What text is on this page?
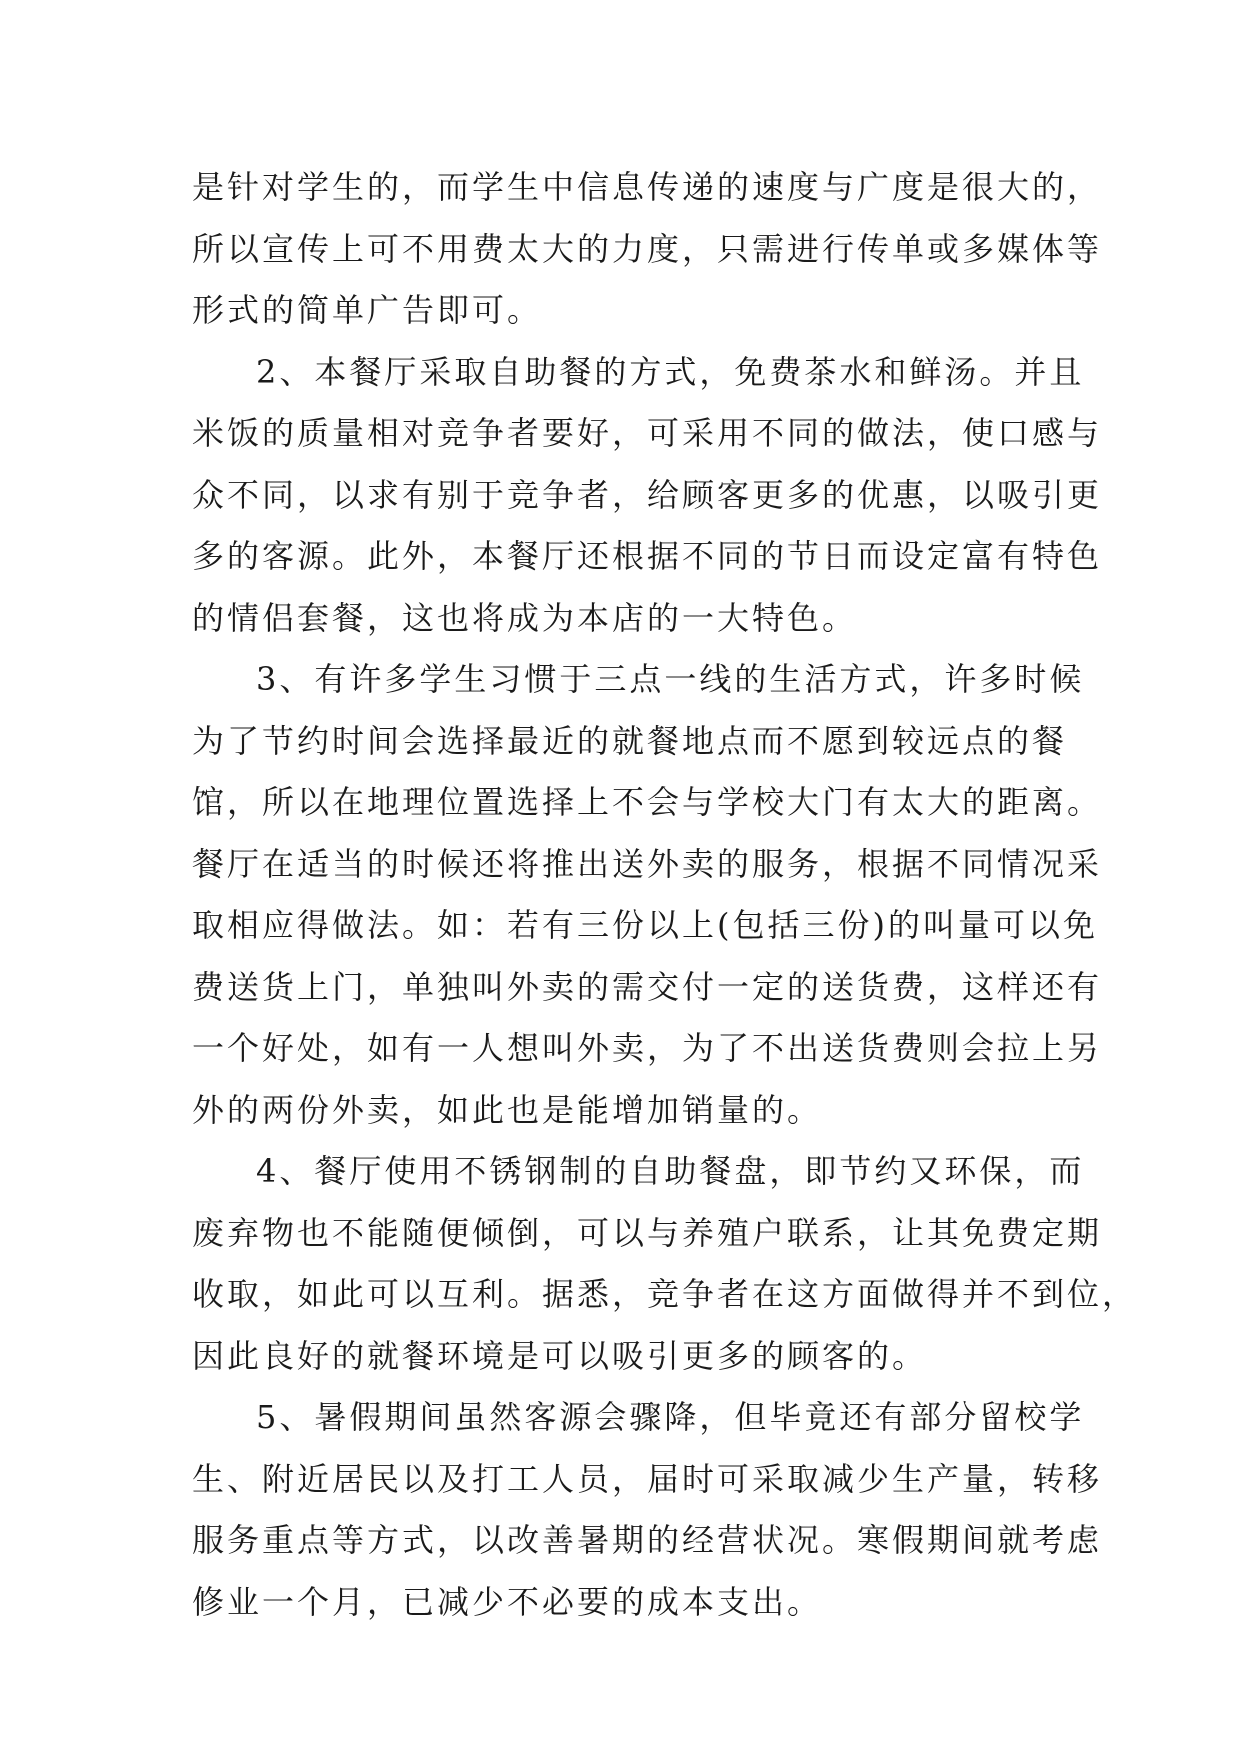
是针对学生的，而学生中信息传递的速度与广度是很大的，
所以宣传上可不用费太大的力度，只需进行传单或多媒体等
形式的简单广告即可。
2、本餐厅采取自助餐的方式，免费茶水和鲜汤。并且
米饭的质量相对竞争者要好，可采用不同的做法，使口感与
众不同，以求有别于竞争者，给顾客更多的优惠，以吸引更
多的客源。此外，本餐厅还根据不同的节日而设定富有特色
的情侣套餐，这也将成为本店的一大特色。
3、有许多学生习惯于三点一线的生活方式，许多时候
为了节约时间会选择最近的就餐地点而不愿到较远点的餐
馆，所以在地理位置选择上不会与学校大门有太大的距离。
餐厅在适当的时候还将推出送外卖的服务，根据不同情况采
取相应得做法。如：若有三份以上(包括三份)的叫量可以免
费送货上门，单独叫外卖的需交付一定的送货费，这样还有
一个好处，如有一人想叫外卖，为了不出送货费则会拉上另
外的两份外卖，如此也是能增加销量的。
4、餐厅使用不锈钢制的自助餐盘，即节约又环保，而
废弃物也不能随便倾倒，可以与养殖户联系，让其免费定期
收取，如此可以互利。据悉，竞争者在这方面做得并不到位，
因此良好的就餐环境是可以吸引更多的顾客的。
5、暑假期间虽然客源会骤降，但毕竟还有部分留校学
生、附近居民以及打工人员，届时可采取减少生产量，转移
服务重点等方式，以改善暑期的经营状况。寒假期间就考虑
修业一个月，已减少不必要的成本支出。
